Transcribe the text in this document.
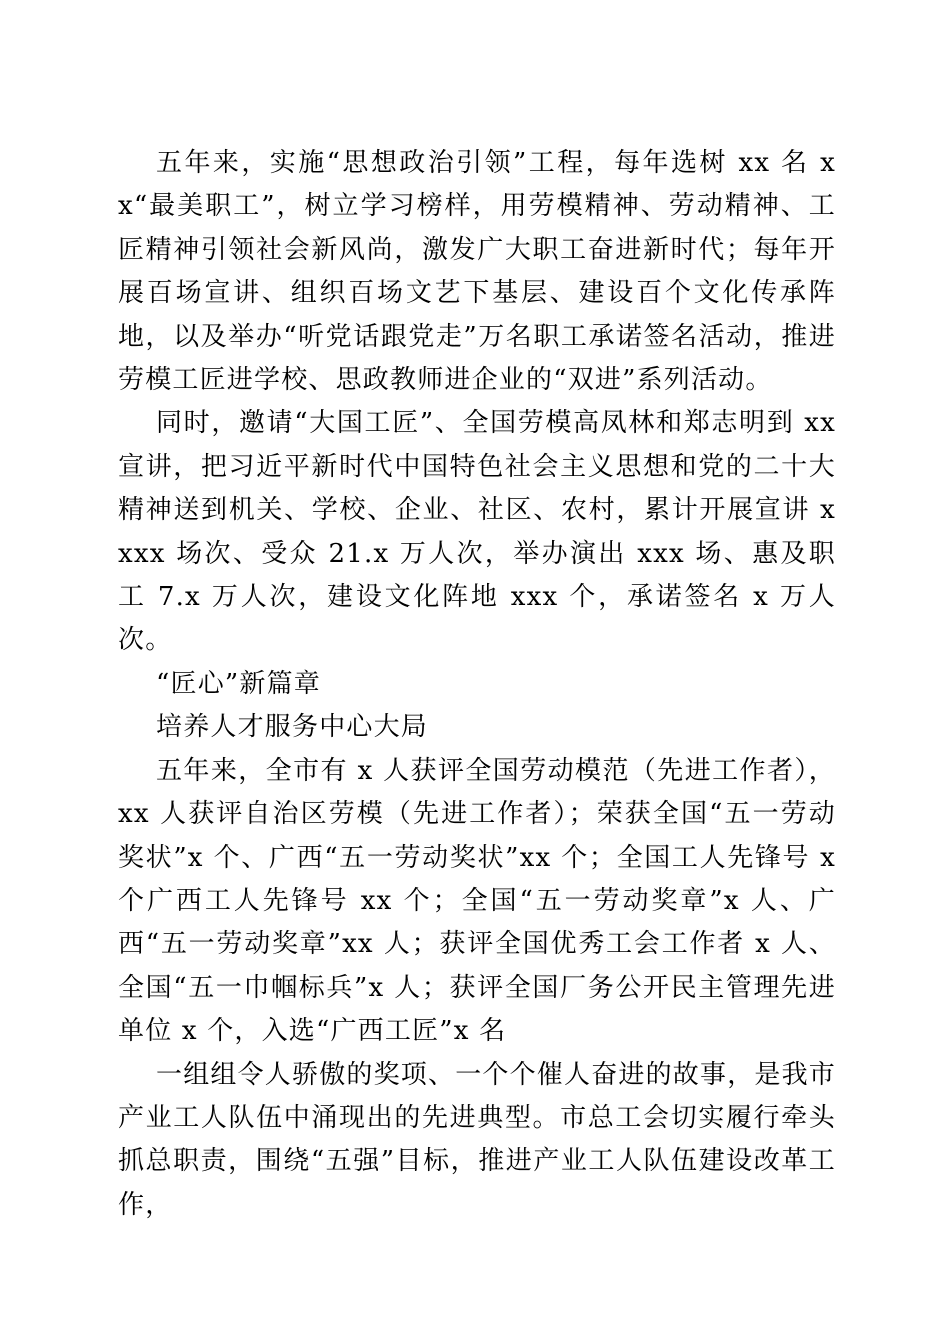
五年来，实施“思想政治引领”工程，每年选树 xx 名 xx“最美职工”，树立学习榜样，用劳模精神、劳动精神、工匠精神引领社会新风尚，激发广大职工奋进新时代；每年开展百场宣讲、组织百场文艺下基层、建设百个文化传承阵地，以及举办“听党话跟党走”万名职工承诺签名活动，推进劳模工匠进学校、思政教师进企业的“双进”系列活动。

同时，邀请“大国工匠”、全国劳模高凤林和郑志明到 xx 宣讲，把习近平新时代中国特色社会主义思想和党的二十大精神送到机关、学校、企业、社区、农村，累计开展宣讲 xxxx 场次、受众 21.x 万人次，举办演出 xxx 场、惠及职工 7.x 万人次，建设文化阵地 xxx 个，承诺签名 x 万人次。

“匠心”新篇章

培养人才服务中心大局

五年来，全市有 x 人获评全国劳动模范（先进工作者），xx 人获评自治区劳模（先进工作者）；荣获全国“五一劳动奖状”x 个、广西“五一劳动奖状”xx 个；全国工人先锋号 x 个广西工人先锋号 xx 个；全国“五一劳动奖章”x 人、广西“五一劳动奖章”xx 人；获评全国优秀工会工作者 x 人、全国“五一巾帼标兵”x 人；获评全国厂务公开民主管理先进单位 x 个，入选“广西工匠”x 名

一组组令人骄傲的奖项、一个个催人奋进的故事，是我市产业工人队伍中涌现出的先进典型。市总工会切实履行牵头抓总职责，围绕“五强”目标，推进产业工人队伍建设改革工作，
